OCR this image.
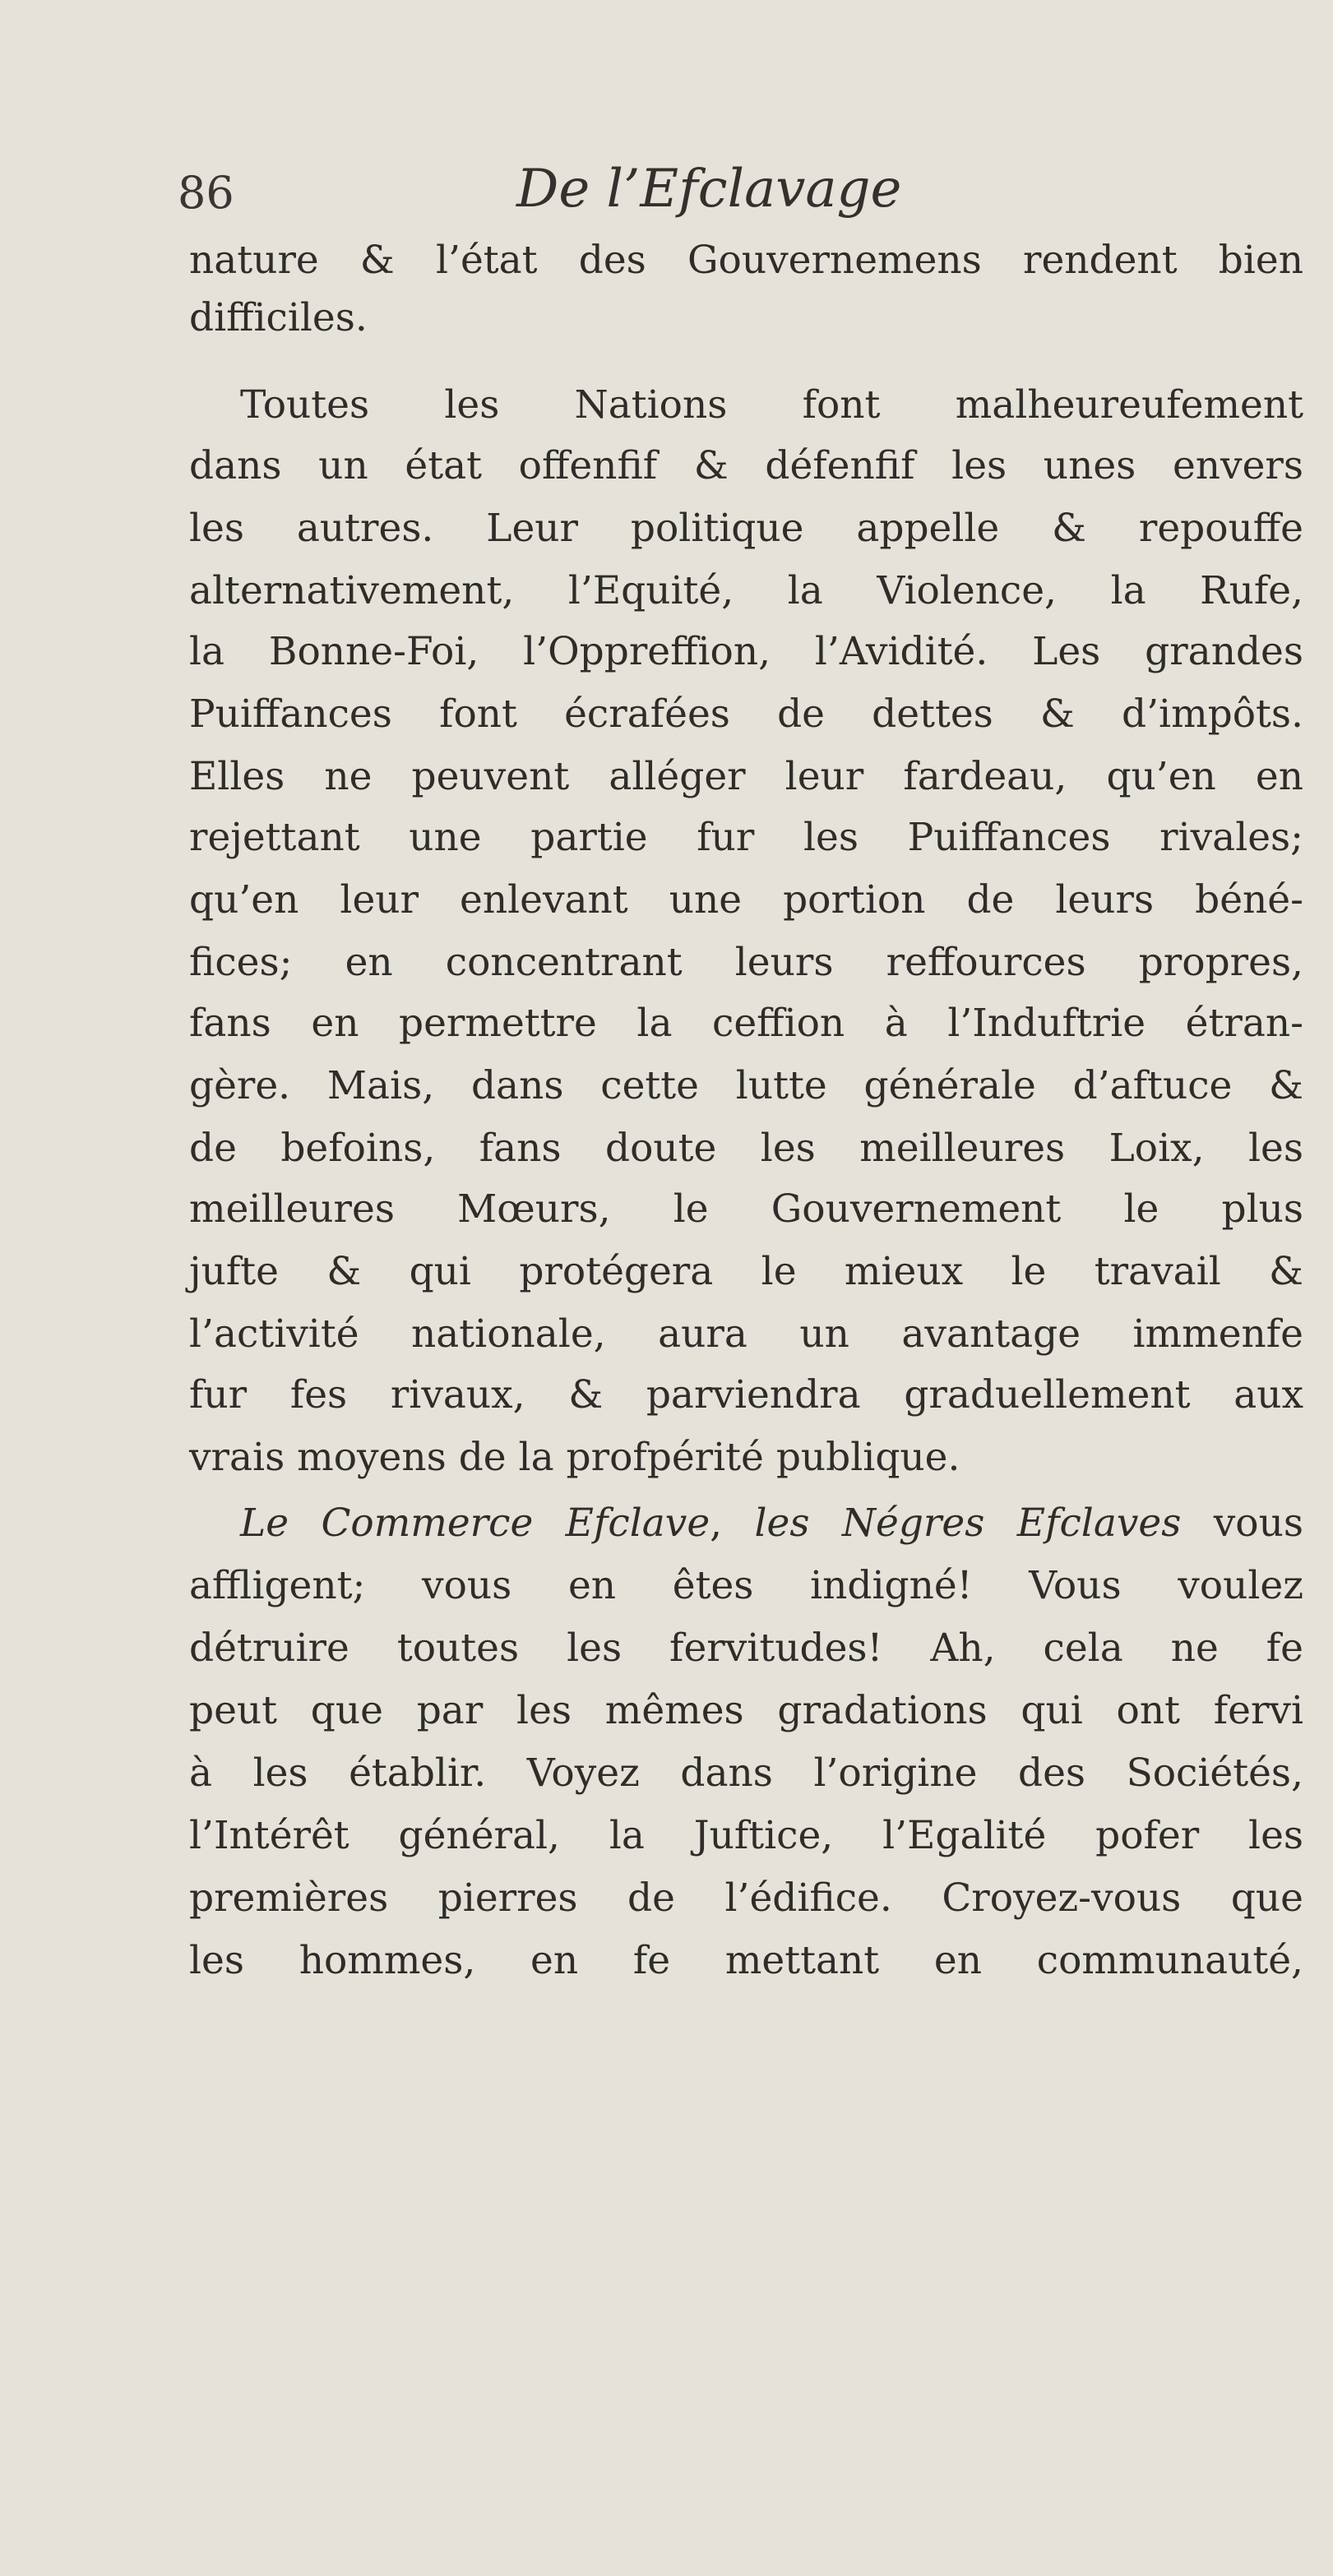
86	De l’Efclavage
nature & l’état des Gouvernemens rendent bien
difficiles.
Toutes les Nations font malheureufement
dans un état offenfif & défenfif les unes envers
les autres. Leur politique appelle & repouffe
alternativement, l’Equité, la Violence, la Rufe,
la Bonne-Foi, l’Oppreffion, l’Avidité. Les grandes
Puiffances font écrafées de dettes & d’impôts.
Elles ne peuvent alléger leur fardeau, qu’en en
rejettant une partie fur les Puiffances rivales;
qu’en leur enlevant une portion de leurs béné-
fices; en concentrant leurs reffources propres,
fans en permettre la ceffion à l’Induftrie étran-
gère. Mais, dans cette lutte générale d’aftuce &
de befoins, fans doute les meilleures Loix, les
meilleures Mœurs, le Gouvernement le plus
jufte & qui protégera le mieux le travail &
l’activité nationale, aura un avantage immenfe
fur fes rivaux, & parviendra graduellement aux
vrais moyens de la profpérité publique.
Le Commerce Efclave, les Négres Efclaves vous
affligent; vous en êtes indigné! Vous voulez
détruire toutes les fervitudes! Ah, cela ne fe
peut que par les mêmes gradations qui ont fervi
à les établir. Voyez dans l’origine des Sociétés,
l’Intérêt général, la Juftice, l’Egalité pofer les
premières pierres de l’édifice. Croyez-vous que
les hommes, en fe mettant en communauté,
